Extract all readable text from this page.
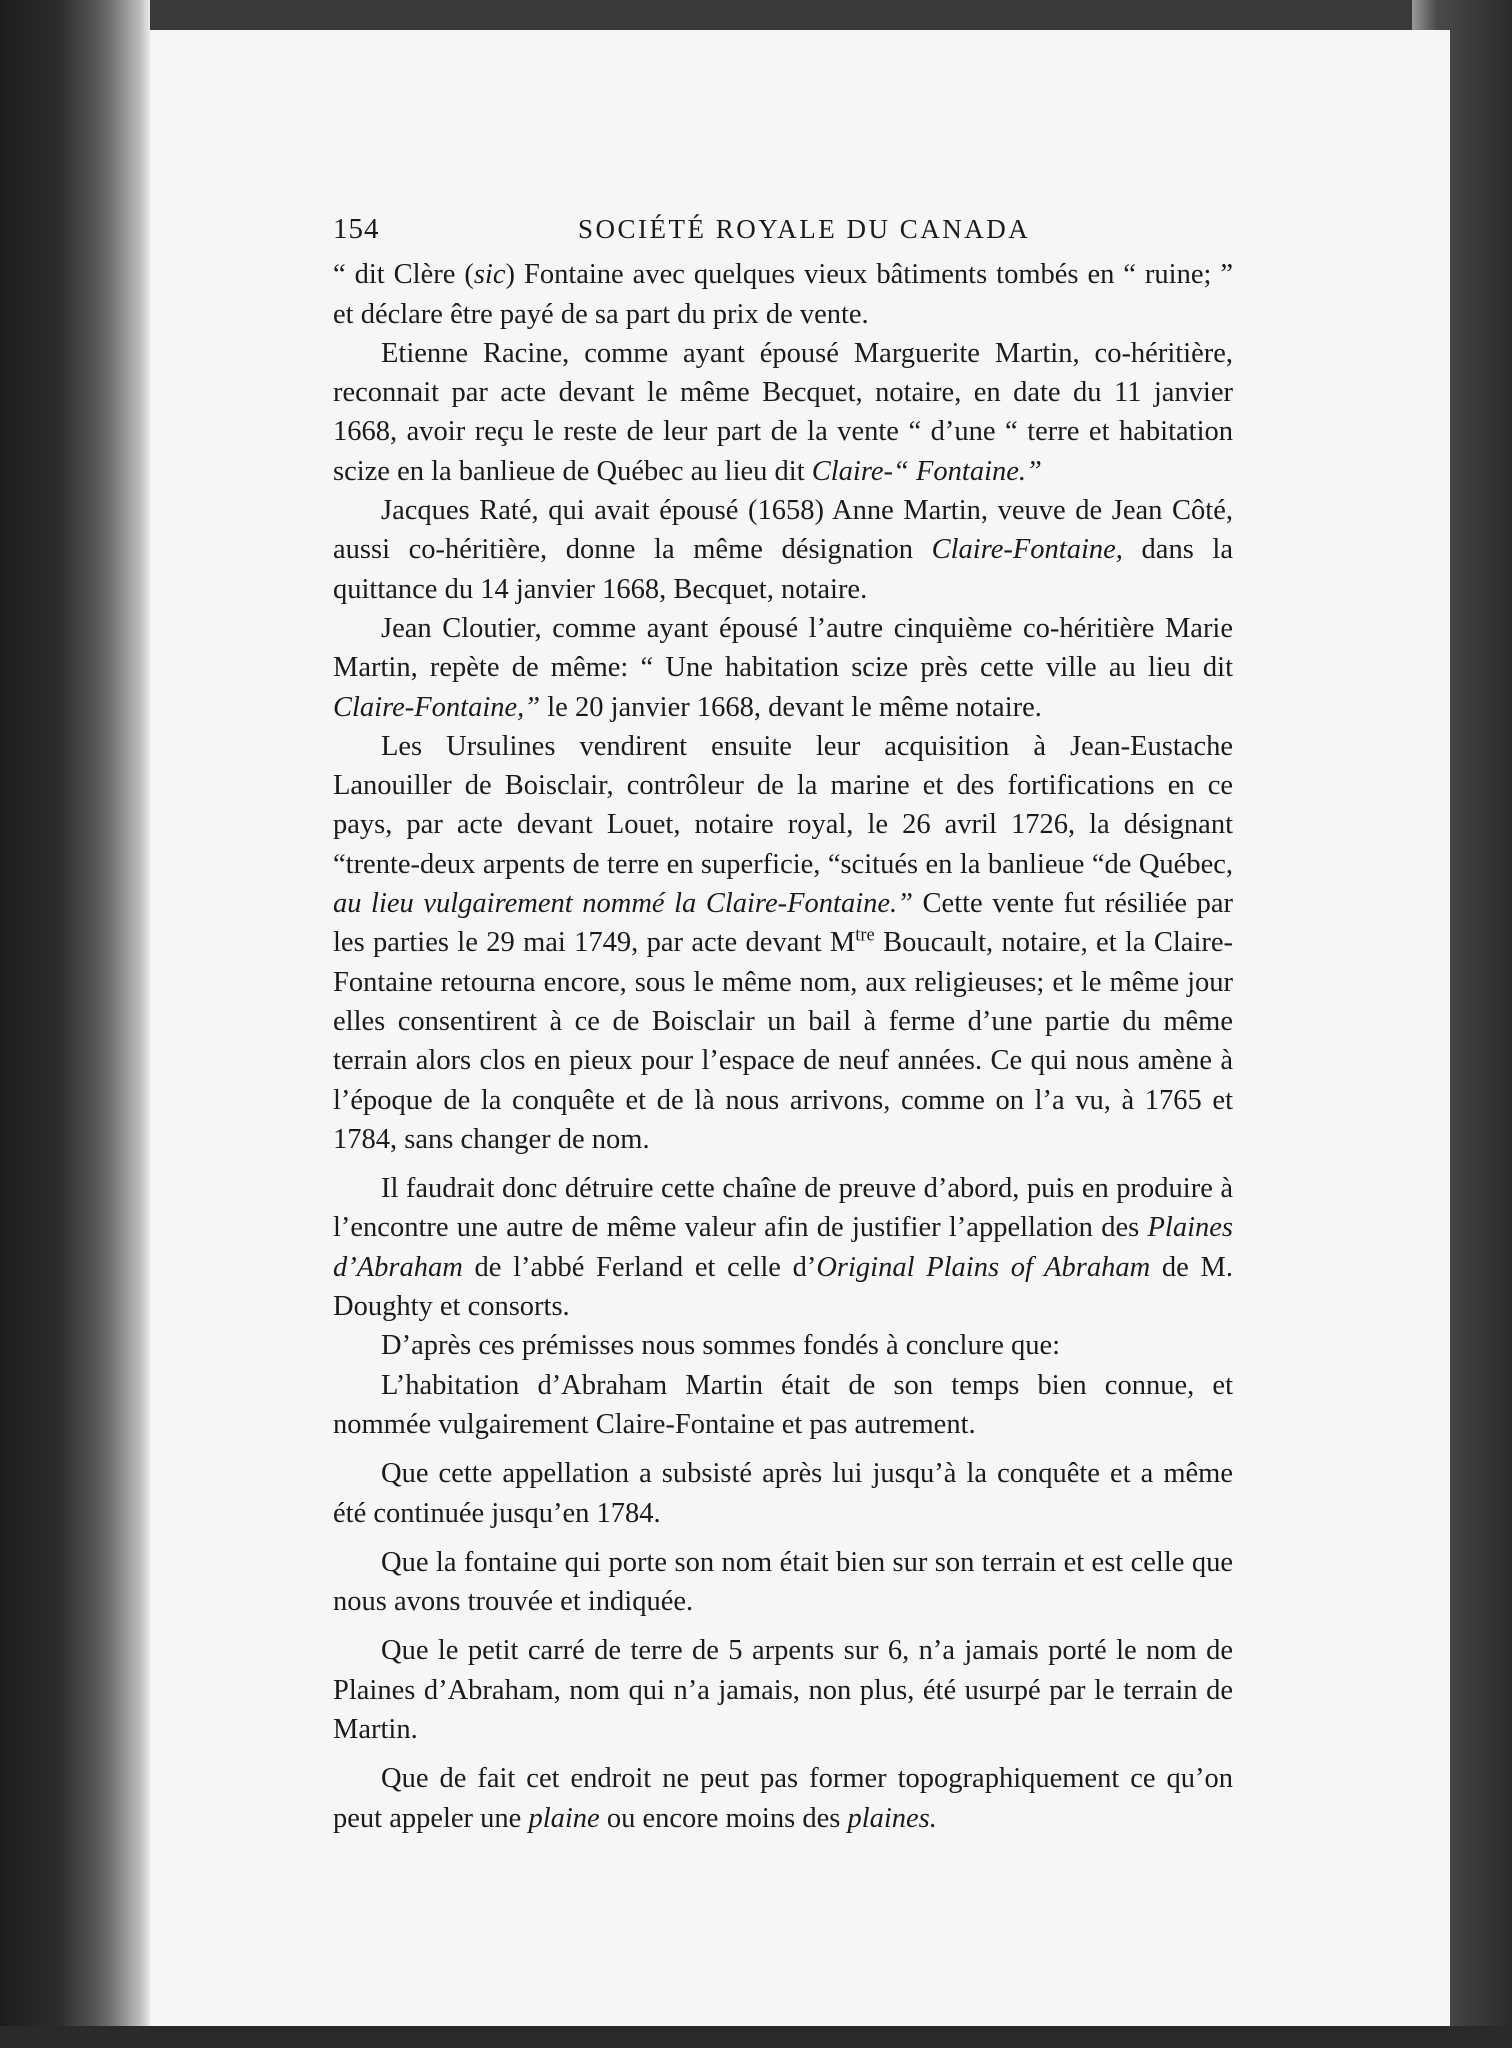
154	SOCIÉTÉ ROYALE DU CANADA

“ dit Clère (sic) Fontaine avec quelques vieux bâtiments tombés en “ ruine; ” et déclare être payé de sa part du prix de vente.

Etienne Racine, comme ayant épousé Marguerite Martin, co-héritière, reconnait par acte devant le même Becquet, notaire, en date du 11 janvier 1668, avoir reçu le reste de leur part de la vente “ d’une “ terre et habitation scize en la banlieue de Québec au lieu dit Claire-“ Fontaine.”

Jacques Raté, qui avait épousé (1658) Anne Martin, veuve de Jean Côté, aussi co-héritière, donne la même désignation Claire-Fontaine, dans la quittance du 14 janvier 1668, Becquet, notaire.

Jean Cloutier, comme ayant épousé l’autre cinquième co-héritière Marie Martin, repète de même: “ Une habitation scize près cette ville au lieu dit Claire-Fontaine,” le 20 janvier 1668, devant le même notaire.

Les Ursulines vendirent ensuite leur acquisition à Jean-Eustache Lanouiller de Boisclair, contrôleur de la marine et des fortifications en ce pays, par acte devant Louet, notaire royal, le 26 avril 1726, la désignant “trente-deux arpents de terre en superficie, “scitués en la banlieue “de Québec, au lieu vulgairement nommé la Claire-Fontaine.” Cette vente fut résiliée par les parties le 29 mai 1749, par acte devant $M^{tre}$ Boucault, notaire, et la Claire-Fontaine retourna encore, sous le même nom, aux religieuses; et le même jour elles consentirent à ce de Boisclair un bail à ferme d’une partie du même terrain alors clos en pieux pour l’espace de neuf années. Ce qui nous amène à l’époque de la conquête et de là nous arrivons, comme on l’a vu, à 1765 et 1784, sans changer de nom.

Il faudrait donc détruire cette chaîne de preuve d’abord, puis en produire à l’encontre une autre de même valeur afin de justifier l’appellation des Plaines d’Abraham de l’abbé Ferland et celle d’Original Plains of Abraham de M. Doughty et consorts.

D’après ces prémisses nous sommes fondés à conclure que:

L’habitation d’Abraham Martin était de son temps bien connue, et nommée vulgairement Claire-Fontaine et pas autrement.

Que cette appellation a subsisté après lui jusqu’à la conquête et a même été continuée jusqu’en 1784.

Que la fontaine qui porte son nom était bien sur son terrain et est celle que nous avons trouvée et indiquée.

Que le petit carré de terre de 5 arpents sur 6, n’a jamais porté le nom de Plaines d’Abraham, nom qui n’a jamais, non plus, été usurpé par le terrain de Martin.

Que de fait cet endroit ne peut pas former topographiquement ce qu’on peut appeler une plaine ou encore moins des plaines.
